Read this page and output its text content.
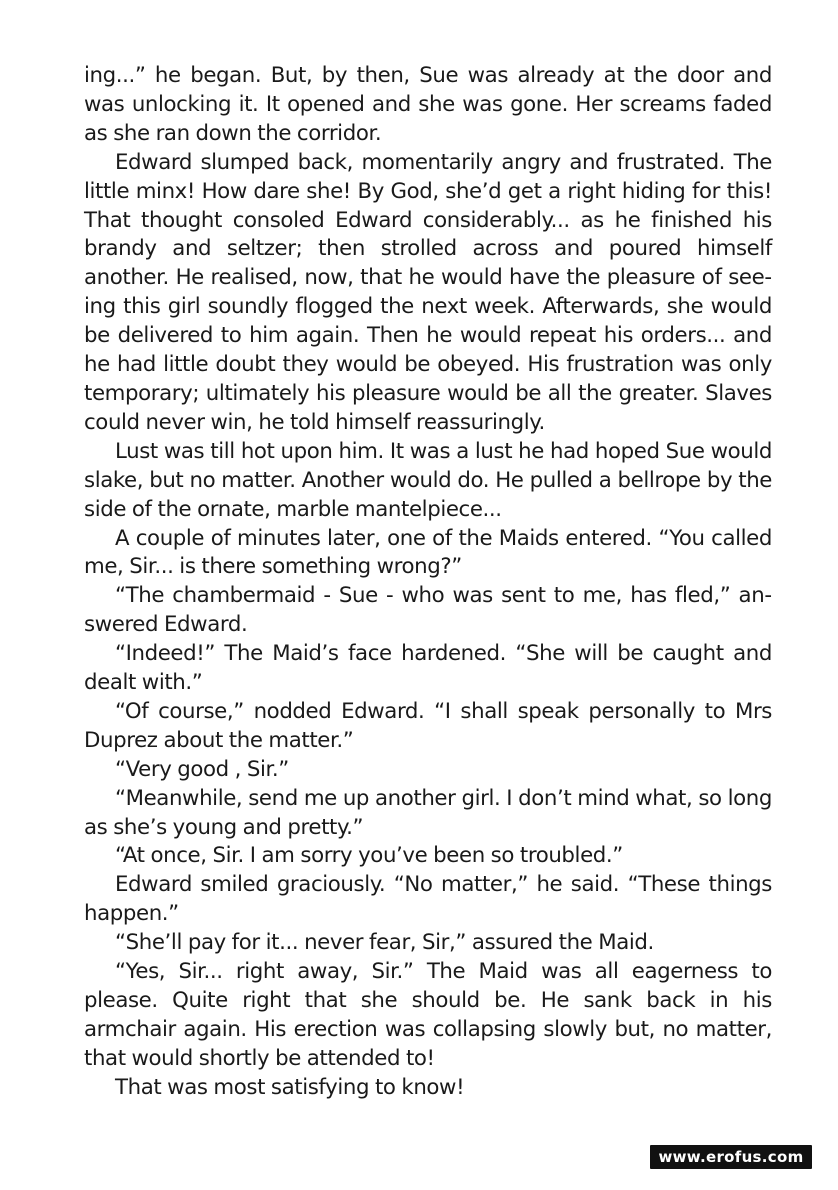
ing...” he began. But, by then, Sue was already at the door and was unlocking it. It opened and she was gone. Her screams faded as she ran down the corridor.

Edward slumped back, momentarily angry and frustrated. The little minx! How dare she! By God, she’d get a right hiding for this! That thought consoled Edward considerably... as he finished his brandy and seltzer; then strolled across and poured himself another. He realised, now, that he would have the pleasure of seeing this girl soundly flogged the next week. Afterwards, she would be delivered to him again. Then he would repeat his orders... and he had little doubt they would be obeyed. His frustration was only temporary; ultimately his pleasure would be all the greater. Slaves could never win, he told himself reassuringly.

Lust was till hot upon him. It was a lust he had hoped Sue would slake, but no matter. Another would do. He pulled a bellrope by the side of the ornate, marble mantelpiece...

A couple of minutes later, one of the Maids entered. “You called me, Sir... is there something wrong?”

“The chambermaid - Sue - who was sent to me, has fled,” answered Edward.

“Indeed!” The Maid’s face hardened. “She will be caught and dealt with.”

“Of course,” nodded Edward. “I shall speak personally to Mrs Duprez about the matter.”

“Very good , Sir.”

“Meanwhile, send me up another girl. I don’t mind what, so long as she’s young and pretty.”

“At once, Sir. I am sorry you’ve been so troubled.”

Edward smiled graciously. “No matter,” he said. “These things happen.”

“She’ll pay for it... never fear, Sir,” assured the Maid.

“Yes, Sir... right away, Sir.” The Maid was all eagerness to please. Quite right that she should be. He sank back in his armchair again. His erection was collapsing slowly but, no matter, that would shortly be attended to!

That was most satisfying to know!

www.erofus.com
